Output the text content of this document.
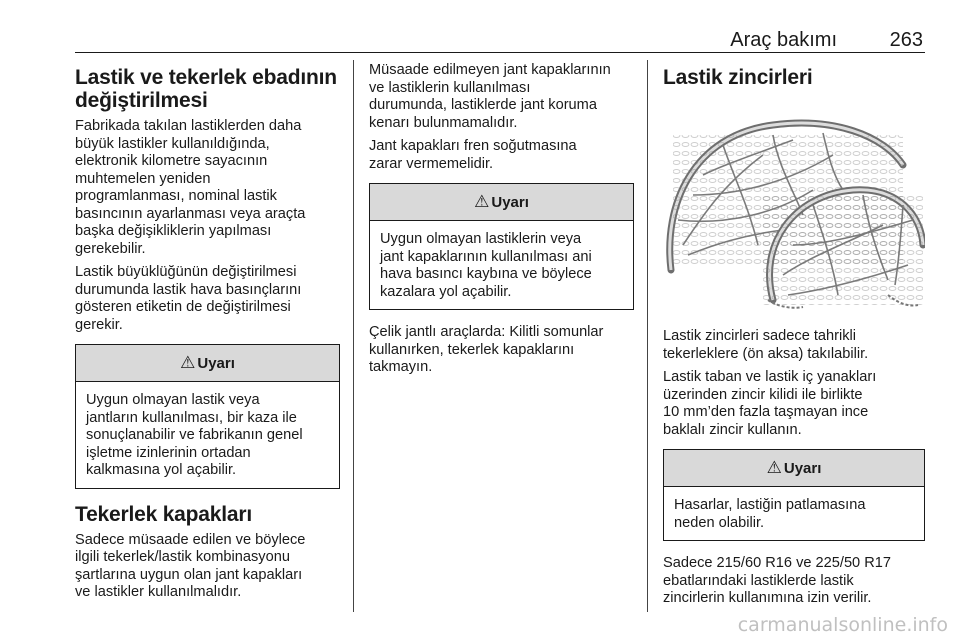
Araç bakımı	263
Lastik ve tekerlek ebadının
değiştirilmesi

Fabrikada takılan lastiklerden daha
büyük lastikler kullanıldığında,
elektronik kilometre sayacının
muhtemelen yeniden
programlanması, nominal lastik
basıncının ayarlanması veya araçta
başka değişikliklerin yapılması
gerekebilir.

Lastik büyüklüğünün değiştirilmesi
durumunda lastik hava basınçlarını
gösteren etiketin de değiştirilmesi
gerekir.

⚠ Uyarı
Uygun olmayan lastik veya
jantların kullanılması, bir kaza ile
sonuçlanabilir ve fabrikanın genel
işletme izinlerinin ortadan
kalkmasına yol açabilir.
Tekerlek kapakları

Sadece müsaade edilen ve böylece
ilgili tekerlek/lastik kombinasyonu
şartlarına uygun olan jant kapakları
ve lastikler kullanılmalıdır.

Müsaade edilmeyen jant kapaklarının
ve lastiklerin kullanılması
durumunda, lastiklerde jant koruma
kenarı bulunmamalıdır.

Jant kapakları fren soğutmasına
zarar vermemelidir.

⚠ Uyarı
Uygun olmayan lastiklerin veya
jant kapaklarının kullanılması ani
hava basıncı kaybına ve böylece
kazalara yol açabilir.

Çelik jantlı araçlarda: Kilitli somunlar
kullanırken, tekerlek kapaklarını
takmayın.

Lastik zincirleri

Lastik zincirleri sadece tahrikli
tekerleklere (ön aksa) takılabilir.

Lastik taban ve lastik iç yanakları
üzerinden zincir kilidi ile birlikte
10 mm’den fazla taşmayan ince
baklalı zincir kullanın.

⚠ Uyarı
Hasarlar, lastiğin patlamasına
neden olabilir.

Sadece 215/60 R16 ve 225/50 R17
ebatlarındaki lastiklerde lastik
zincirlerin kullanımına izin verilir.

carmanualsonline.info
